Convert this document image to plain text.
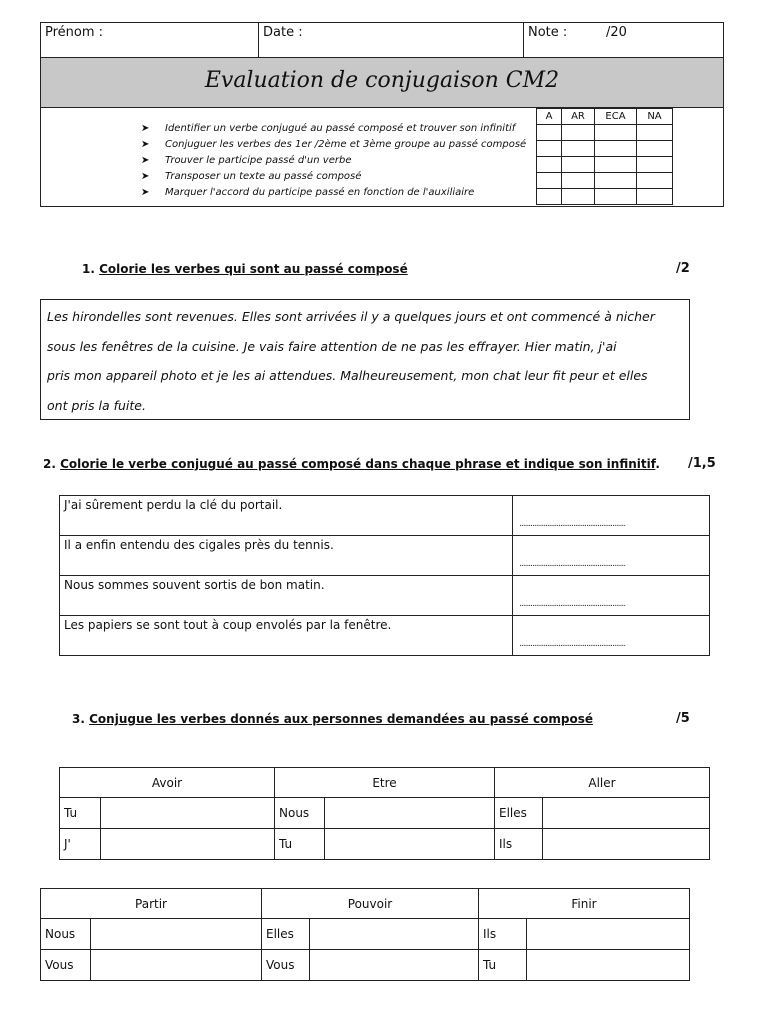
Prénom :	Date :	Note :	/20
Evaluation de conjugaison CM2
➤ Identifier un verbe conjugué au passé composé et trouver son infinitif
➤ Conjuguer les verbes des 1er /2ème et 3ème groupe au passé composé
➤ Trouver le participe passé d'un verbe
➤ Transposer un texte au passé composé
➤ Marquer l'accord du participe passé en fonction de l'auxiliaire
A	AR	ECA	NA

1. Colorie les verbes qui sont au passé composé	/2
Les hirondelles sont revenues. Elles sont arrivées il y a quelques jours et ont commencé à nicher
sous les fenêtres de la cuisine. Je vais faire attention de ne pas les effrayer. Hier matin, j'ai
pris mon appareil photo et je les ai attendues. Malheureusement, mon chat leur fit peur et elles
ont pris la fuite.
2. Colorie le verbe conjugué au passé composé dans chaque phrase et indique son infinitif. /1,5
J'ai sûrement perdu la clé du portail.	.........................................................

Il a enfin entendu des cigales près du tennis.	.........................................................

Nous sommes souvent sortis de bon matin.	.........................................................

Les papiers se sont tout à coup envolés par la fenêtre.	.........................................................
3. Conjugue les verbes donnés aux personnes demandées au passé composé	/5
Avoir		Etre		Aller	
Tu		Nous		Elles	
J'		Tu		Ils	
Partir		Pouvoir		Finir	
Nous		Elles		Ils	
Vous		Vous		Tu	
